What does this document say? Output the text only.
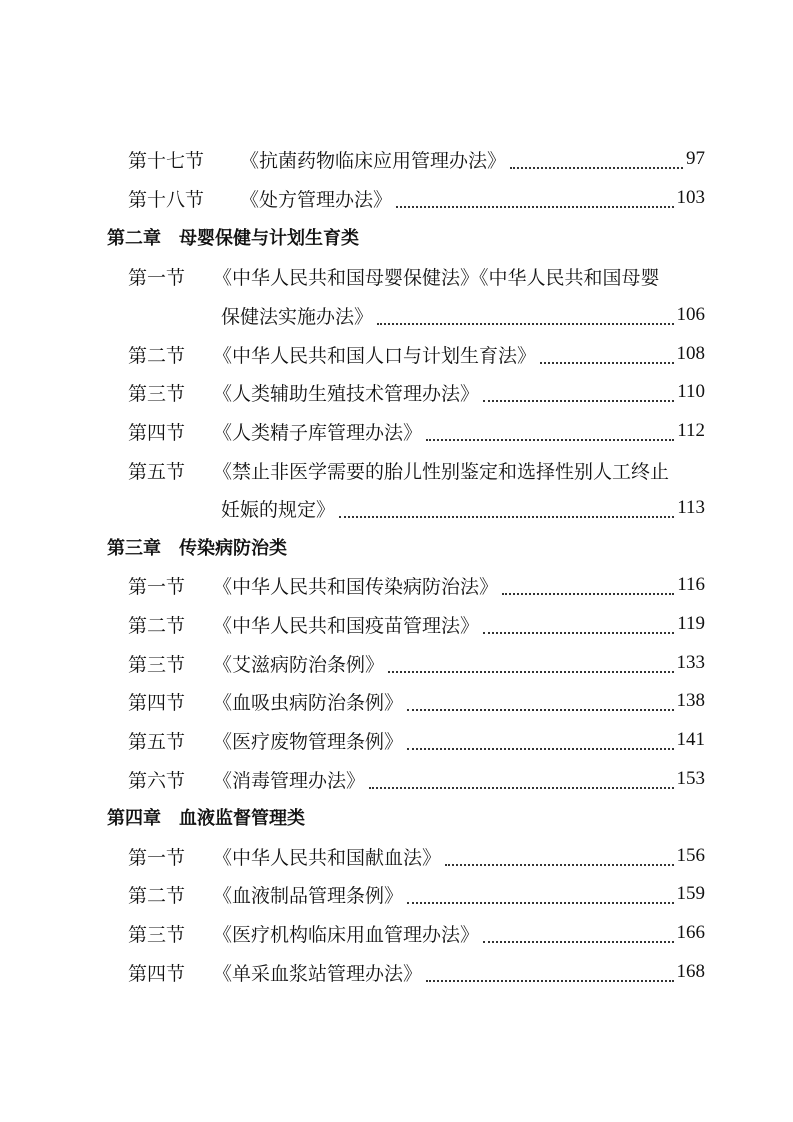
第十七节 《抗菌药物临床应用管理办法》	97
第十八节 《处方管理办法》	103
第二章 母婴保健与计划生育类
第一节 《中华人民共和国母婴保健法》《中华人民共和国母婴
保健法实施办法》	106
第二节 《中华人民共和国人口与计划生育法》	108
第三节 《人类辅助生殖技术管理办法》	110
第四节 《人类精子库管理办法》	112
第五节 《禁止非医学需要的胎儿性别鉴定和选择性别人工终止
妊娠的规定》	113
第三章 传染病防治类
第一节 《中华人民共和国传染病防治法》	116
第二节 《中华人民共和国疫苗管理法》	119
第三节 《艾滋病防治条例》	133
第四节 《血吸虫病防治条例》	138
第五节 《医疗废物管理条例》	141
第六节 《消毒管理办法》	153
第四章 血液监督管理类
第一节 《中华人民共和国献血法》	156
第二节 《血液制品管理条例》	159
第三节 《医疗机构临床用血管理办法》	166
第四节 《单采血浆站管理办法》	168
